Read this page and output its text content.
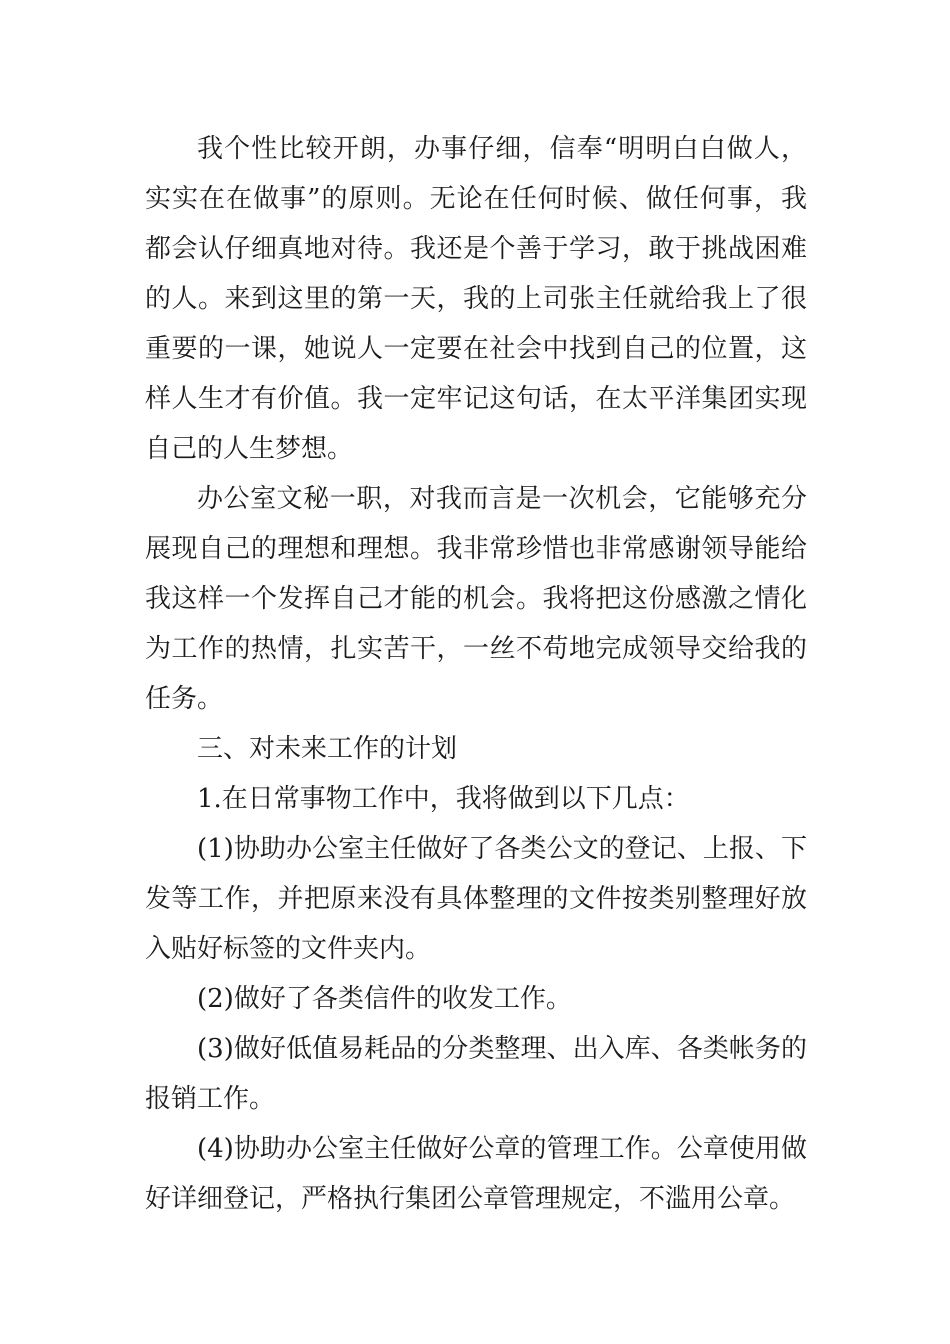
我个性比较开朗，办事仔细，信奉“明明白白做人，实实在在做事”的原则。无论在任何时候、做任何事，我都会认仔细真地对待。我还是个善于学习，敢于挑战困难的人。来到这里的第一天，我的上司张主任就给我上了很重要的一课，她说人一定要在社会中找到自己的位置，这样人生才有价值。我一定牢记这句话，在太平洋集团实现自己的人生梦想。

办公室文秘一职，对我而言是一次机会，它能够充分展现自己的理想和理想。我非常珍惜也非常感谢领导能给我这样一个发挥自己才能的机会。我将把这份感激之情化为工作的热情，扎实苦干，一丝不苟地完成领导交给我的任务。

三、对未来工作的计划

1.在日常事物工作中，我将做到以下几点：

(1)协助办公室主任做好了各类公文的登记、上报、下发等工作，并把原来没有具体整理的文件按类别整理好放入贴好标签的文件夹内。

(2)做好了各类信件的收发工作。

(3)做好低值易耗品的分类整理、出入库、各类帐务的报销工作。

(4)协助办公室主任做好公章的管理工作。公章使用做好详细登记，严格执行集团公章管理规定，不滥用公章。
